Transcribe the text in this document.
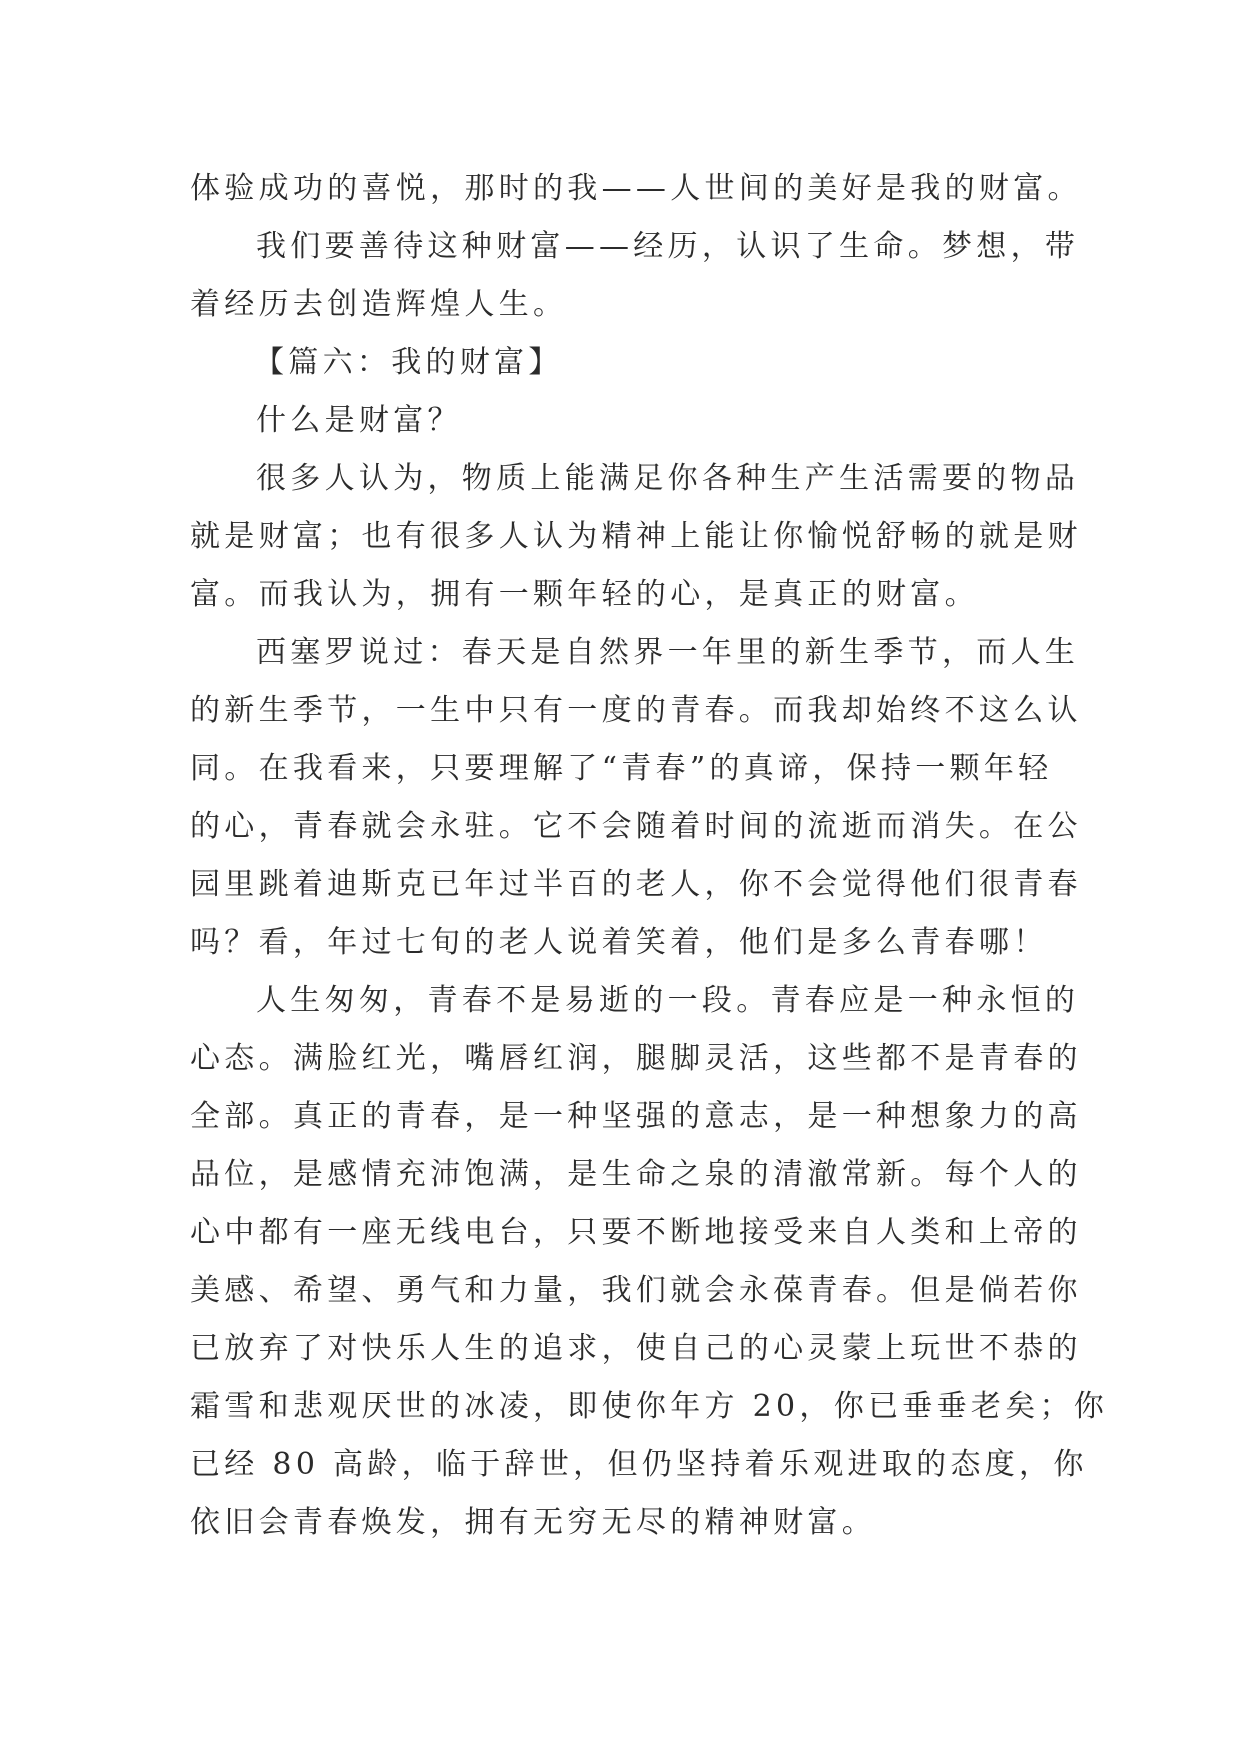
体验成功的喜悦，那时的我——人世间的美好是我的财富。
我们要善待这种财富——经历，认识了生命。梦想，带
着经历去创造辉煌人生。
【篇六：我的财富】
什么是财富？
很多人认为，物质上能满足你各种生产生活需要的物品
就是财富；也有很多人认为精神上能让你愉悦舒畅的就是财
富。而我认为，拥有一颗年轻的心，是真正的财富。
西塞罗说过：春天是自然界一年里的新生季节，而人生
的新生季节，一生中只有一度的青春。而我却始终不这么认
同。在我看来，只要理解了“青春”的真谛，保持一颗年轻
的心，青春就会永驻。它不会随着时间的流逝而消失。在公
园里跳着迪斯克已年过半百的老人，你不会觉得他们很青春
吗？看，年过七旬的老人说着笑着，他们是多么青春哪！
人生匆匆，青春不是易逝的一段。青春应是一种永恒的
心态。满脸红光，嘴唇红润，腿脚灵活，这些都不是青春的
全部。真正的青春，是一种坚强的意志，是一种想象力的高
品位，是感情充沛饱满，是生命之泉的清澈常新。每个人的
心中都有一座无线电台，只要不断地接受来自人类和上帝的
美感、希望、勇气和力量，我们就会永葆青春。但是倘若你
已放弃了对快乐人生的追求，使自己的心灵蒙上玩世不恭的
霜雪和悲观厌世的冰凌，即使你年方 20，你已垂垂老矣；你
已经 80 高龄，临于辞世，但仍坚持着乐观进取的态度，你
依旧会青春焕发，拥有无穷无尽的精神财富。
